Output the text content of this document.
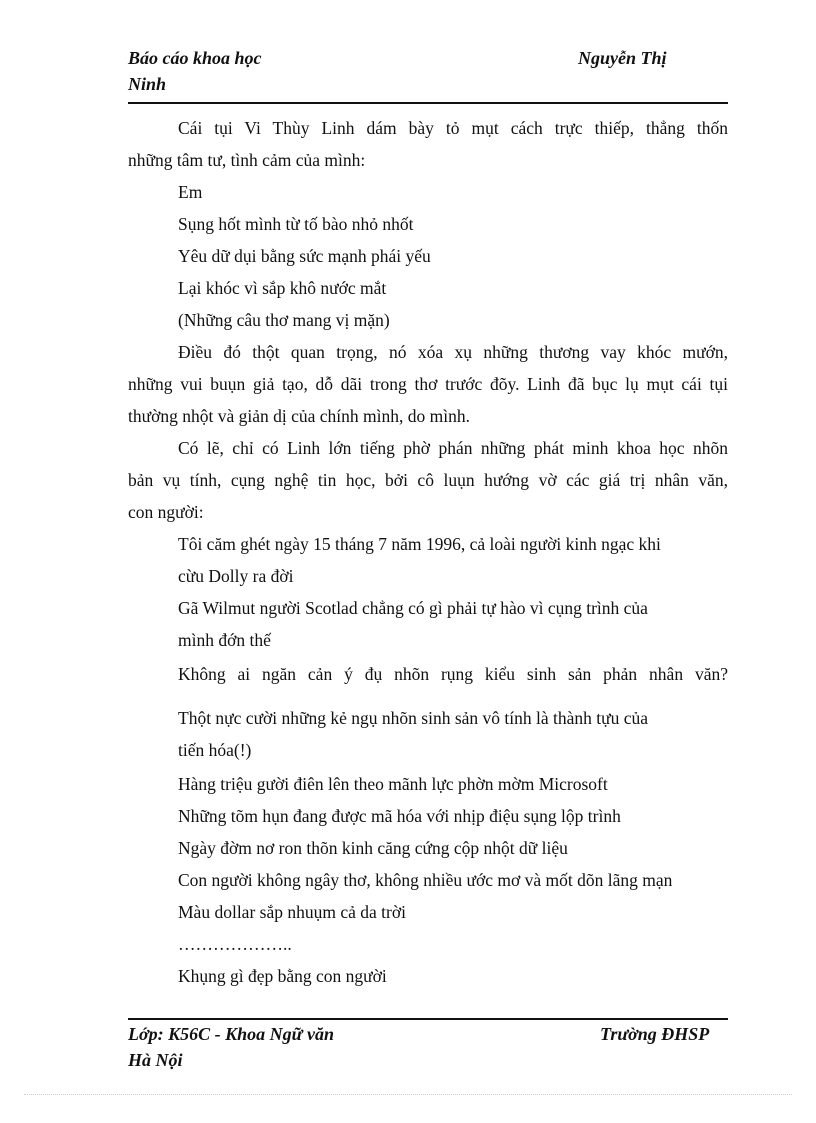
Báo cáo khoa học	Nguyễn Thị
Ninh
Cái tụi Vi Thùy Linh dám bày tỏ mụt cách trực thiếp, thẳng thốn
những tâm tư, tình cảm của mình:
Em
Sụng hốt mình từ tố bào nhỏ nhốt
Yêu dữ dụi bằng sức mạnh phái yếu
Lại khóc vì sắp khô nước mắt
(Những câu thơ mang vị mặn)
Điều đó thột quan trọng, nó xóa xụ những thương vay khóc mướn,
những vui buụn giả tạo, dỗ dãi trong thơ trước đõy. Linh đã bục lụ mụt cái tụi
thường nhột và giản dị của chính mình, do mình.
Có lẽ, chỉ có Linh lớn tiếng phờ phán những phát minh khoa học nhõn
bản vụ tính, cụng nghệ tin học, bởi cô luụn hướng vờ các giá trị nhân văn,
con người:
Tôi căm ghét ngày 15 tháng 7 năm 1996, cả loài người kinh ngạc khi
cừu Dolly ra đời
Gã Wilmut người Scotlad chẳng có gì phải tự hào vì cụng trình của
mình đớn thế
Không ai ngăn cản ý đụ nhõn rụng kiểu sinh sản phản nhân văn?
Thột nực cười những kẻ ngụ nhõn sinh sản vô tính là thành tựu của
tiến hóa(!)
Hàng triệu gười điên lên theo mãnh lực phờn mờm Microsoft
Những tõm hụn đang được mã hóa với nhịp điệu sụng lộp trình
Ngày đờm nơ ron thõn kinh căng cứng cộp nhột dữ liệu
Con người không ngây thơ, không nhiều ước mơ và mốt dõn lãng mạn
Màu dollar sắp nhuụm cả da trời
………………..
Khụng gì đẹp bằng con người
Lớp: K56C - Khoa Ngữ văn	Trường ĐHSP
Hà Nội
